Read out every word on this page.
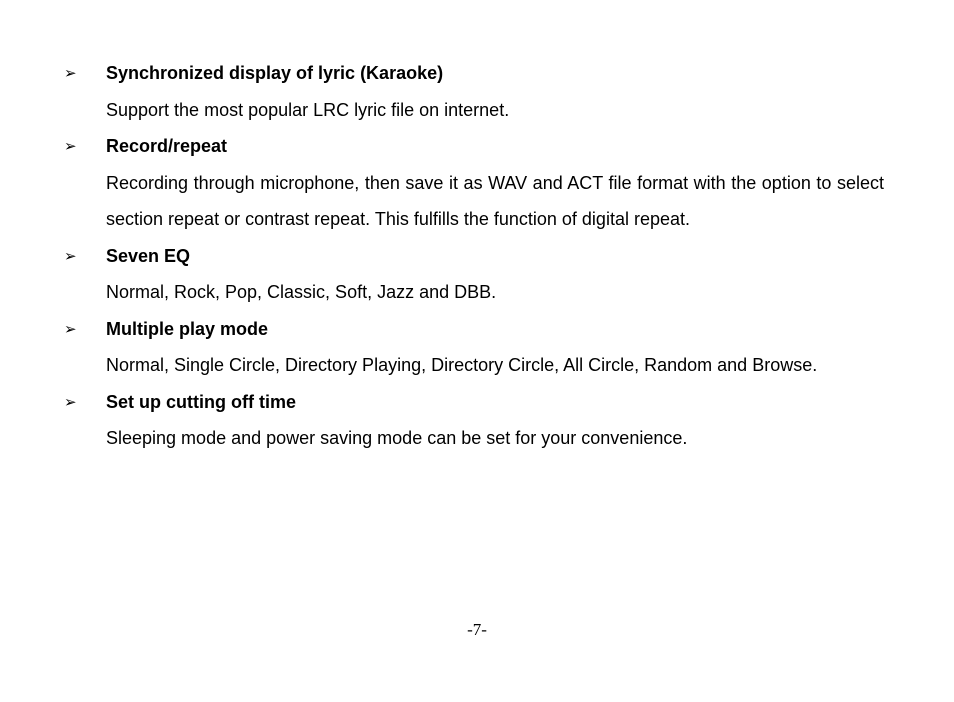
➢ Synchronized display of lyric (Karaoke)

Support the most popular LRC lyric file on internet.

➢ Record/repeat

Recording through microphone, then save it as WAV and ACT file format with the option to select section repeat or contrast repeat. This fulfills the function of digital repeat.

➢ Seven EQ

Normal, Rock, Pop, Classic, Soft, Jazz and DBB.

➢ Multiple play mode

Normal, Single Circle, Directory Playing, Directory Circle, All Circle, Random and Browse.

➢ Set up cutting off time

Sleeping mode and power saving mode can be set for your convenience.

-7-
